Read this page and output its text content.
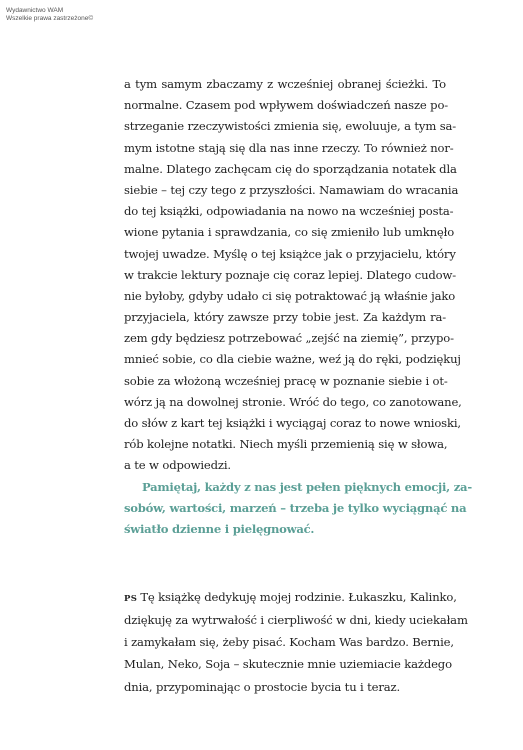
Wydawnictwo WAM
Wszelkie prawa zastrzeżone©
a tym samym zbaczamy z wcześniej obranej ścieżki. To
normalne. Czasem pod wpływem doświadczeń nasze po-
strzeganie rzeczywistości zmienia się, ewoluuje, a tym sa-
mym istotne stają się dla nas inne rzeczy. To również nor-
malne. Dlatego zachęcam cię do sporządzania notatek dla
siebie – tej czy tego z przyszłości. Namawiam do wracania
do tej książki, odpowiadania na nowo na wcześniej posta-
wione pytania i sprawdzania, co się zmieniło lub umknęło
twojej uwadze. Myślę o tej książce jak o przyjacielu, który
w trakcie lektury poznaje cię coraz lepiej. Dlatego cudow-
nie byłoby, gdyby udało ci się potraktować ją właśnie jako
przyjaciela, który zawsze przy tobie jest. Za każdym ra-
zem gdy będziesz potrzebować „zejść na ziemię”, przypo-
mnieć sobie, co dla ciebie ważne, weź ją do ręki, podziękuj
sobie za włożoną wcześniej pracę w poznanie siebie i ot-
wórz ją na dowolnej stronie. Wróć do tego, co zanotowane,
do słów z kart tej książki i wyciągaj coraz to nowe wnioski,
rób kolejne notatki. Niech myśli przemienią się w słowa,
a te w odpowiedzi.
Pamiętaj, każdy z nas jest pełen pięknych emocji, za-
sobów, wartości, marzeń – trzeba je tylko wyciągnąć na
światło dzienne i pielęgnować.
PS Tę książkę dedykuję mojej rodzinie. Łukaszku, Kalinko,
dziękuję za wytrwałość i cierpliwość w dni, kiedy uciekałam
i zamykałam się, żeby pisać. Kocham Was bardzo. Bernie,
Mulan, Neko, Soja – skutecznie mnie uziemiacie każdego
dnia, przypominając o prostocie bycia tu i teraz.
